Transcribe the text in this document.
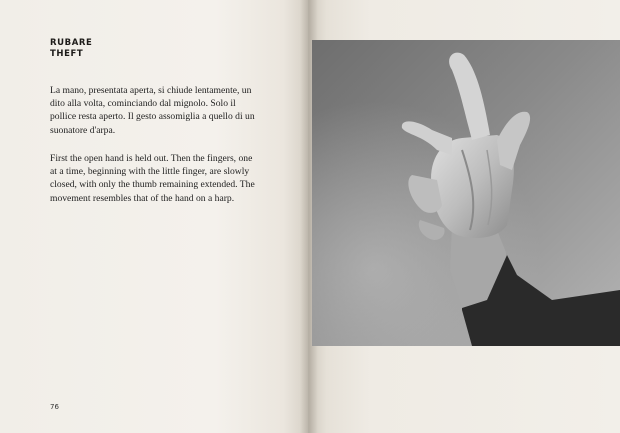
RUBARE
THEFT

La mano, presentata aperta, si chiude lentamente, un dito alla volta, cominciando dal mignolo. Solo il pollice resta aperto. Il gesto assomiglia a quello di un suonatore d'arpa.

First the open hand is held out. Then the fingers, one at a time, beginning with the little finger, are slowly closed, with only the thumb remaining extended. The movement resembles that of the hand on a harp.

76
